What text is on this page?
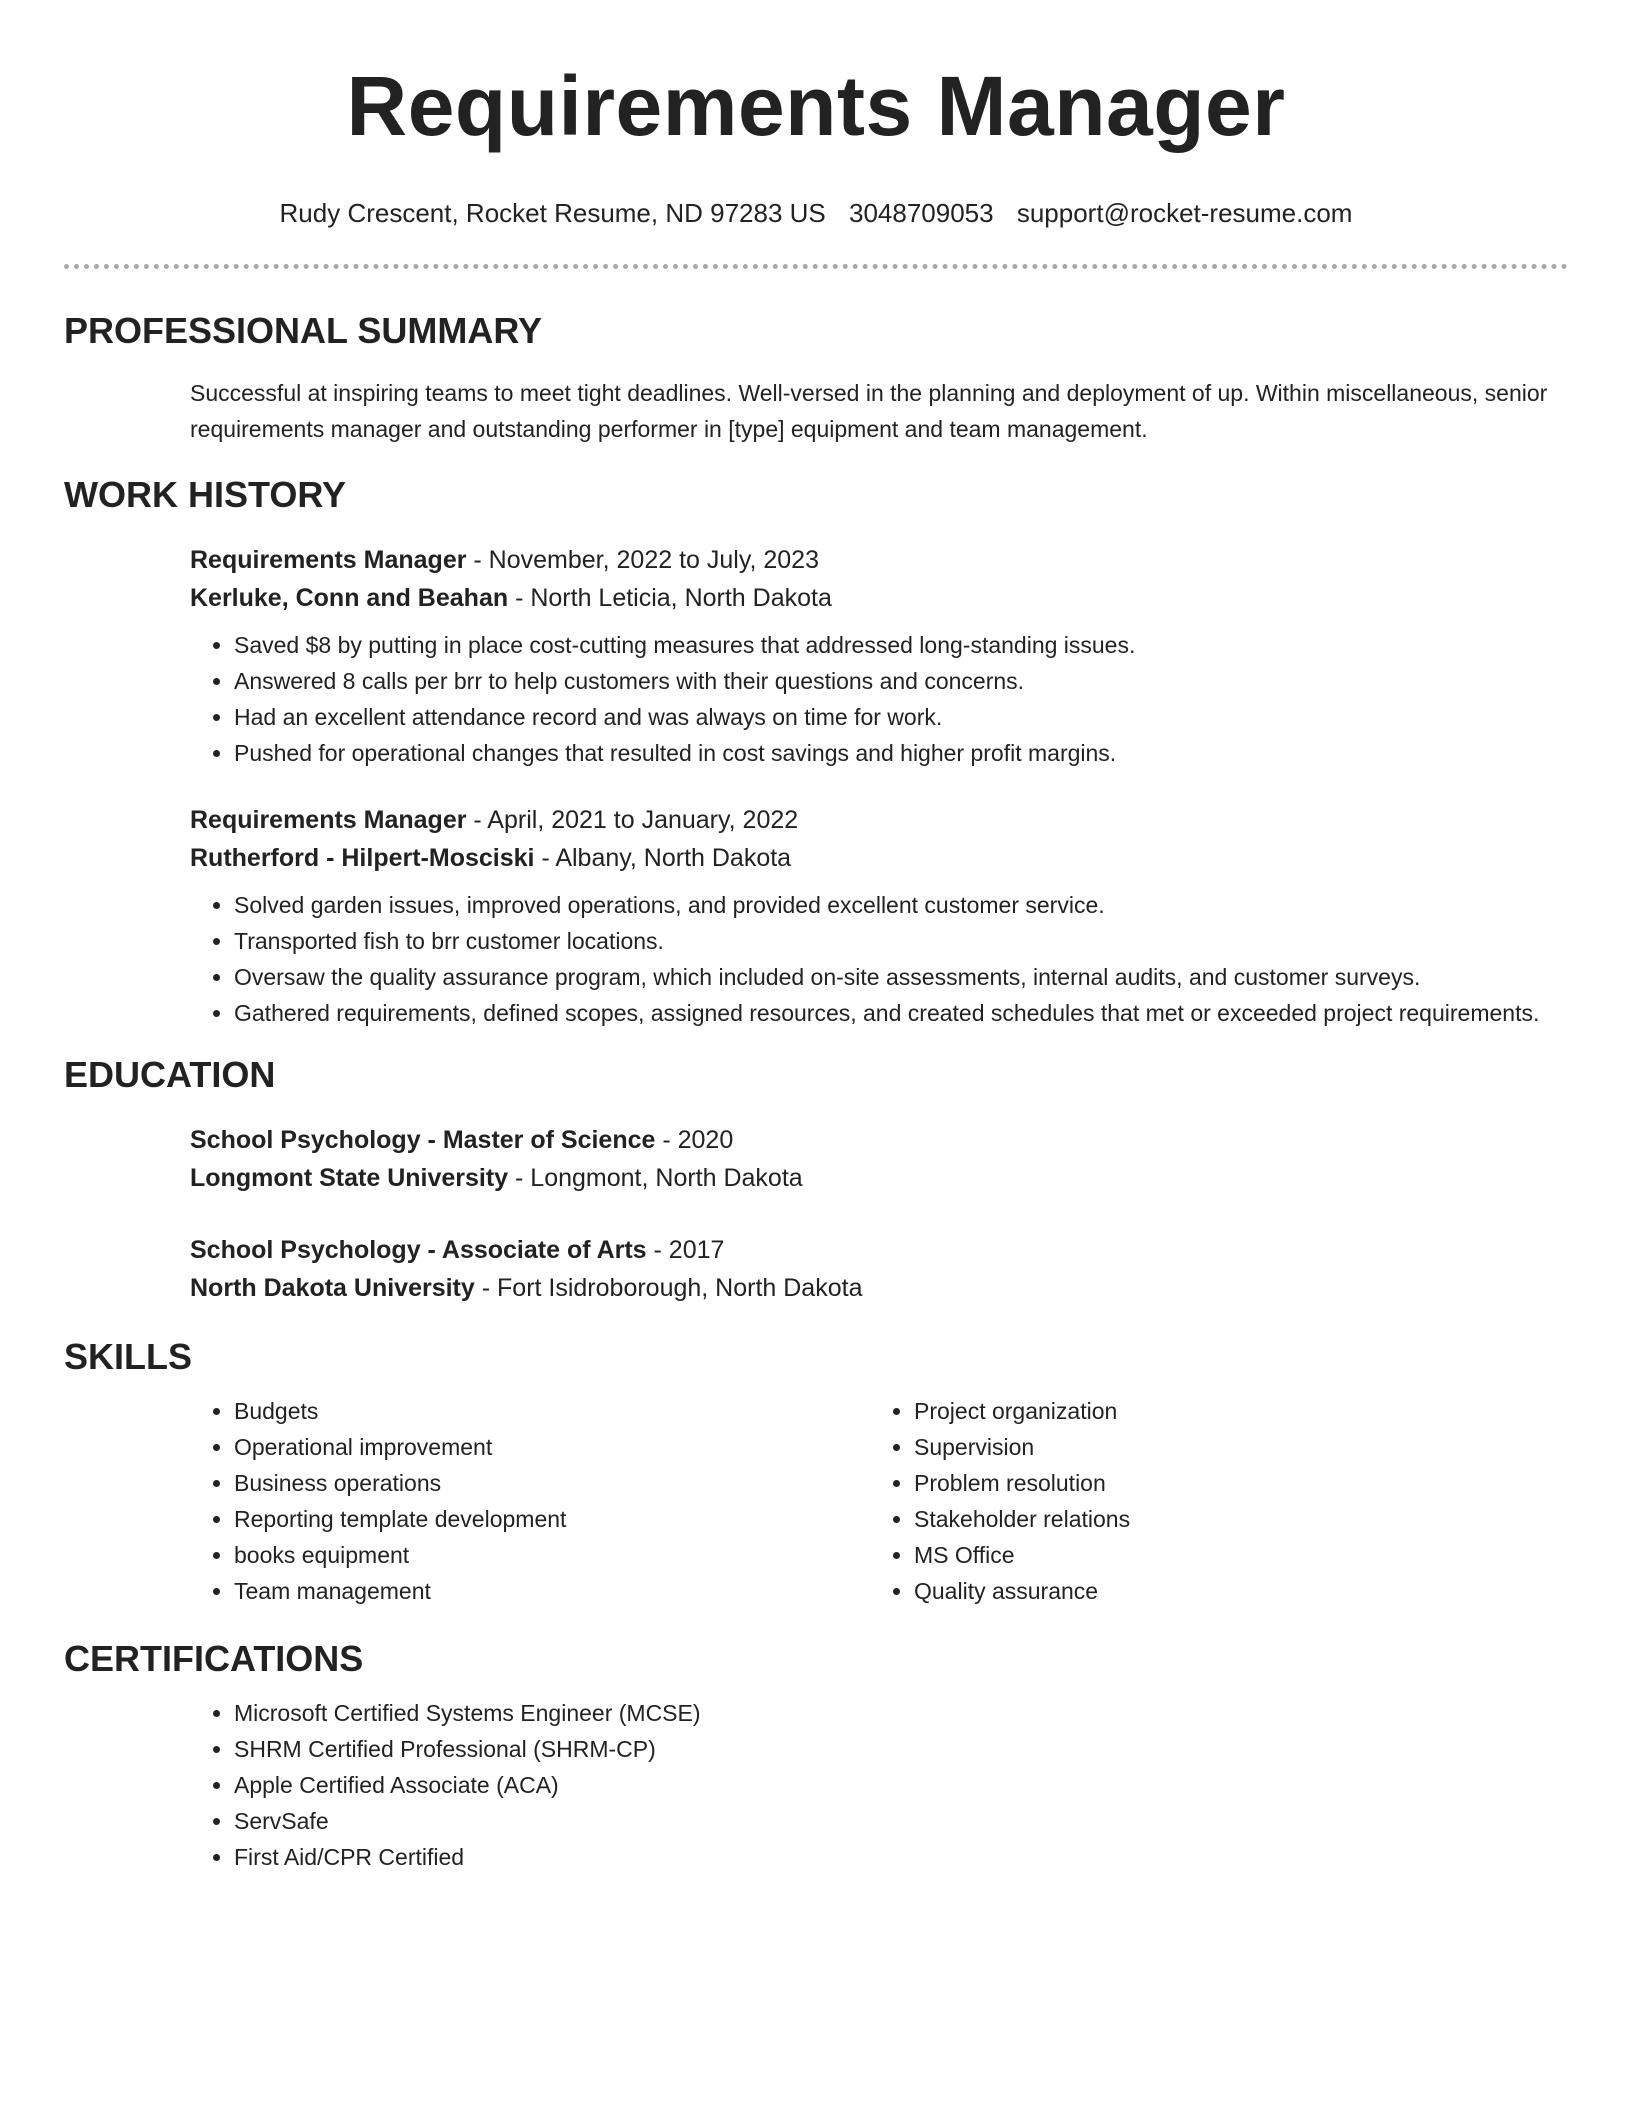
Requirements Manager
Rudy Crescent, Rocket Resume, ND 97283 US 3048709053 support@rocket-resume.com
PROFESSIONAL SUMMARY
Successful at inspiring teams to meet tight deadlines. Well-versed in the planning and deployment of up. Within miscellaneous, senior requirements manager and outstanding performer in [type] equipment and team management.
WORK HISTORY
Requirements Manager - November, 2022 to July, 2023
Kerluke, Conn and Beahan - North Leticia, North Dakota
• Saved $8 by putting in place cost-cutting measures that addressed long-standing issues.
• Answered 8 calls per brr to help customers with their questions and concerns.
• Had an excellent attendance record and was always on time for work.
• Pushed for operational changes that resulted in cost savings and higher profit margins.
Requirements Manager - April, 2021 to January, 2022
Rutherford - Hilpert-Mosciski - Albany, North Dakota
• Solved garden issues, improved operations, and provided excellent customer service.
• Transported fish to brr customer locations.
• Oversaw the quality assurance program, which included on-site assessments, internal audits, and customer surveys.
• Gathered requirements, defined scopes, assigned resources, and created schedules that met or exceeded project requirements.
EDUCATION
School Psychology - Master of Science - 2020
Longmont State University - Longmont, North Dakota
School Psychology - Associate of Arts - 2017
North Dakota University - Fort Isidroborough, North Dakota
SKILLS
• Budgets
• Operational improvement
• Business operations
• Reporting template development
• books equipment
• Team management
• Project organization
• Supervision
• Problem resolution
• Stakeholder relations
• MS Office
• Quality assurance
CERTIFICATIONS
• Microsoft Certified Systems Engineer (MCSE)
• SHRM Certified Professional (SHRM-CP)
• Apple Certified Associate (ACA)
• ServSafe
• First Aid/CPR Certified
